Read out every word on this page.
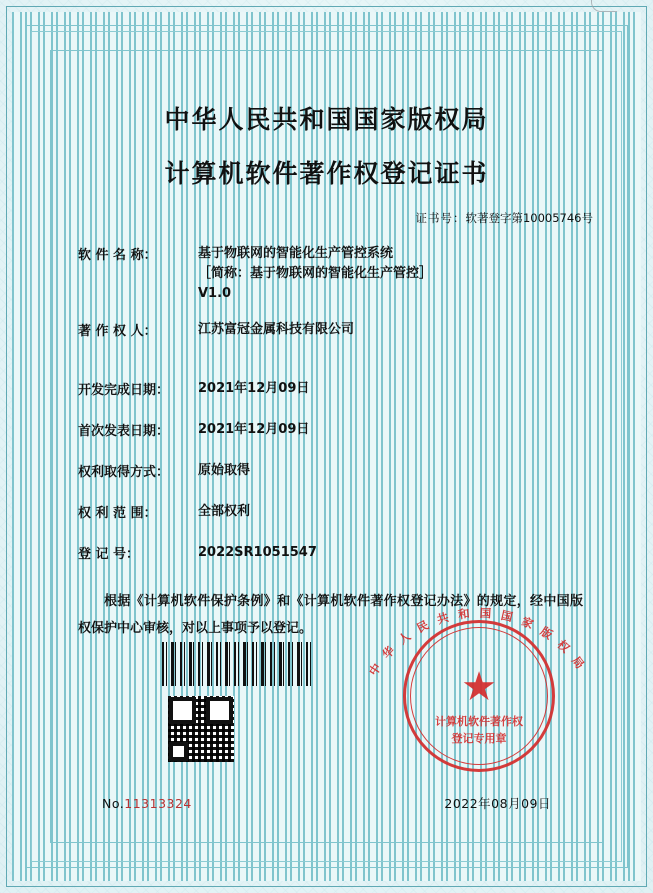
中华人民共和国国家版权局
计算机软件著作权登记证书
证书号：软著登字第10005746号
软 件 名 称：	基于物联网的智能化生产管控系统
［简称：基于物联网的智能化生产管控］
V1.0
著 作 权 人：	江苏富冠金属科技有限公司
开发完成日期：	2021年12月09日
首次发表日期：	2021年12月09日
权利取得方式：	原始取得
权 利 范 围：	全部权利
登 记 号：	2022SR1051547
根据《计算机软件保护条例》和《计算机软件著作权登记办法》的规定，经中国版权保护中心审核，对以上事项予以登记。
中
华
人
民 共 和 国 国 家
版
权
局
★
计算机软件著作权
登记专用章
No.11313324	2022年08月09日
